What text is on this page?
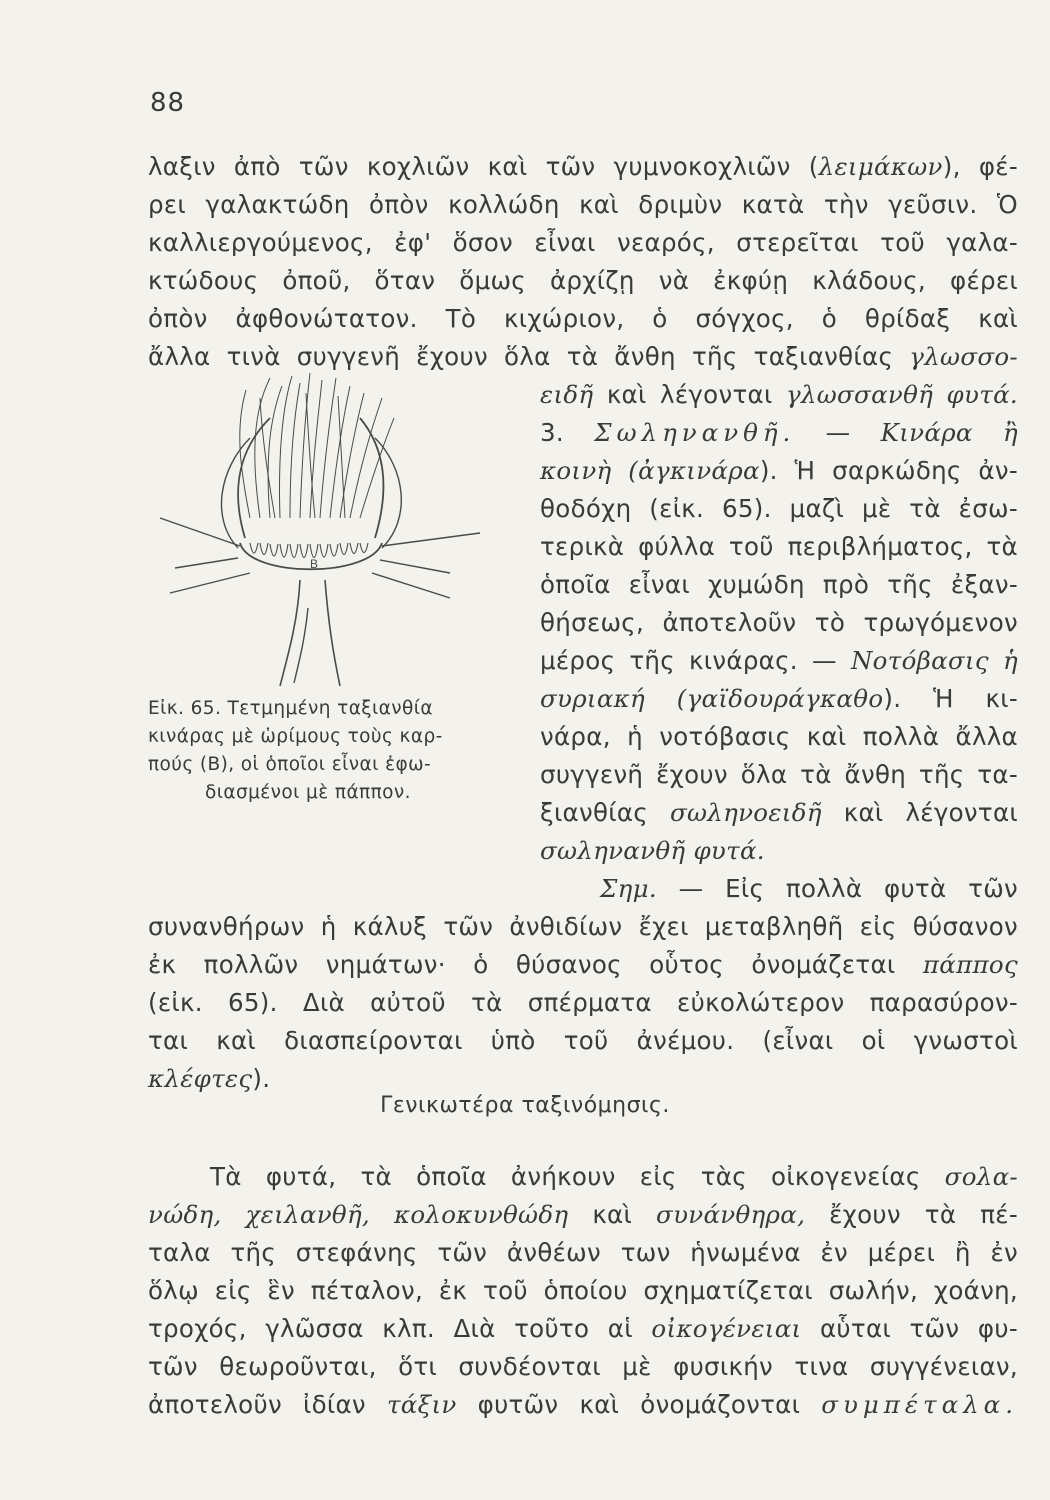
88
λαξιν ἀπὸ τῶν κοχλιῶν καὶ τῶν γυμνοκοχλιῶν (λειμάκων), φέ-
ρει γαλακτώδη ὀπὸν κολλώδη καὶ δριμὺν κατὰ τὴν γεῦσιν. Ὁ
καλλιεργούμενος, ἐφ' ὅσον εἶναι νεαρός, στερεῖται τοῦ γαλα-
κτώδους ὀποῦ, ὅταν ὅμως ἀρχίζῃ νὰ ἐκφύῃ κλάδους, φέρει
ὀπὸν ἀφθονώτατον. Τὸ κιχώριον, ὁ σόγχος, ὁ θρίδαξ καὶ
ἄλλα τινὰ συγγενῆ ἔχουν ὅλα τὰ ἄνθη τῆς ταξιανθίας γλωσσο-
ειδῆ καὶ λέγονται γλωσσανθῆ φυτά.
3. Σωληνανθῆ. — Κινάρα ἢ
κοινὴ (ἀγκινάρα). Ἡ σαρκώδης ἀν-
θοδόχη (εἰκ. 65). μαζὶ μὲ τὰ ἐσω-
τερικὰ φύλλα τοῦ περιβλήματος, τὰ
ὁποῖα εἶναι χυμώδη πρὸ τῆς ἐξαν-
θήσεως, ἀποτελοῦν τὸ τρωγόμενον
μέρος τῆς κινάρας. — Νοτόβασις ἡ
συριακή (γαϊδουράγκαθο). Ἡ κι-
νάρα, ἡ νοτόβασις καὶ πολλὰ ἄλλα
συγγενῆ ἔχουν ὅλα τὰ ἄνθη τῆς τα-
ξιανθίας σωληνοειδῆ καὶ λέγονται
σωληνανθῆ φυτά.
Σημ. — Εἰς πολλὰ φυτὰ τῶν
B
Εἰκ. 65. Τετμημένη ταξιανθία
κινάρας μὲ ὡρίμους τοὺς καρ-
πούς (B), οἱ ὁποῖοι εἶναι ἐφω-
διασμένοι μὲ πάππον.
συνανθήρων ἡ κάλυξ τῶν ἀνθιδίων ἔχει μεταβληθῆ εἰς θύσανον
ἐκ πολλῶν νημάτων· ὁ θύσανος οὗτος ὀνομάζεται πάππος
(εἰκ. 65). Διὰ αὐτοῦ τὰ σπέρματα εὐκολώτερον παρασύρον-
ται καὶ διασπείρονται ὑπὸ τοῦ ἀνέμου. (εἶναι οἱ γνωστοὶ
κλέφτες).
Γενικωτέρα ταξινόμησις.
Τὰ φυτά, τὰ ὁποῖα ἀνήκουν εἰς τὰς οἰκογενείας σολα-
νώδη, χειλανθῆ, κολοκυνθώδη καὶ συνάνθηρα, ἔχουν τὰ πέ-
ταλα τῆς στεφάνης τῶν ἀνθέων των ἡνωμένα ἐν μέρει ἢ ἐν
ὅλῳ εἰς ἓν πέταλον, ἐκ τοῦ ὁποίου σχηματίζεται σωλήν, χοάνη,
τροχός, γλῶσσα κλπ. Διὰ τοῦτο αἱ οἰκογένειαι αὗται τῶν φυ-
τῶν θεωροῦνται, ὅτι συνδέονται μὲ φυσικήν τινα συγγένειαν,
ἀποτελοῦν ἰδίαν τάξιν φυτῶν καὶ ὀνομάζονται συμπέταλα.
